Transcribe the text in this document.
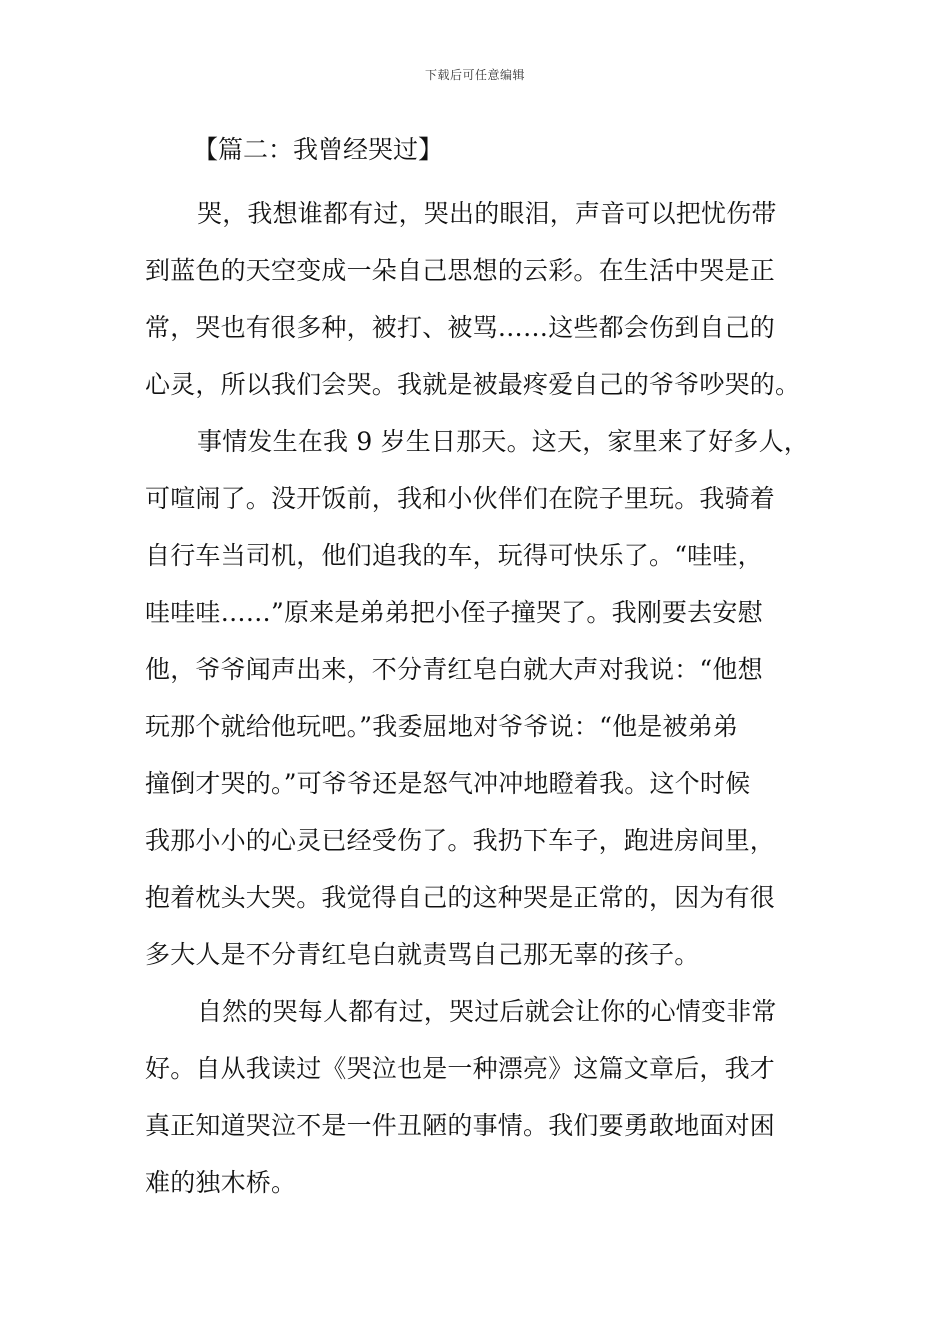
下载后可任意编辑
【篇二：我曾经哭过】
哭，我想谁都有过，哭出的眼泪，声音可以把忧伤带
到蓝色的天空变成一朵自己思想的云彩。在生活中哭是正
常，哭也有很多种，被打、被骂……这些都会伤到自己的
心灵，所以我们会哭。我就是被最疼爱自己的爷爷吵哭的。
事情发生在我 9 岁生日那天。这天，家里来了好多人，
可喧闹了。没开饭前，我和小伙伴们在院子里玩。我骑着
自行车当司机，他们追我的车，玩得可快乐了。“哇哇，
哇哇哇……”原来是弟弟把小侄子撞哭了。我刚要去安慰
他，爷爷闻声出来，不分青红皂白就大声对我说：“他想
玩那个就给他玩吧。”我委屈地对爷爷说：“他是被弟弟
撞倒才哭的。”可爷爷还是怒气冲冲地瞪着我。这个时候
我那小小的心灵已经受伤了。我扔下车子，跑进房间里，
抱着枕头大哭。我觉得自己的这种哭是正常的，因为有很
多大人是不分青红皂白就责骂自己那无辜的孩子。
自然的哭每人都有过，哭过后就会让你的心情变非常
好。自从我读过《哭泣也是一种漂亮》这篇文章后，我才
真正知道哭泣不是一件丑陋的事情。我们要勇敢地面对困
难的独木桥。
